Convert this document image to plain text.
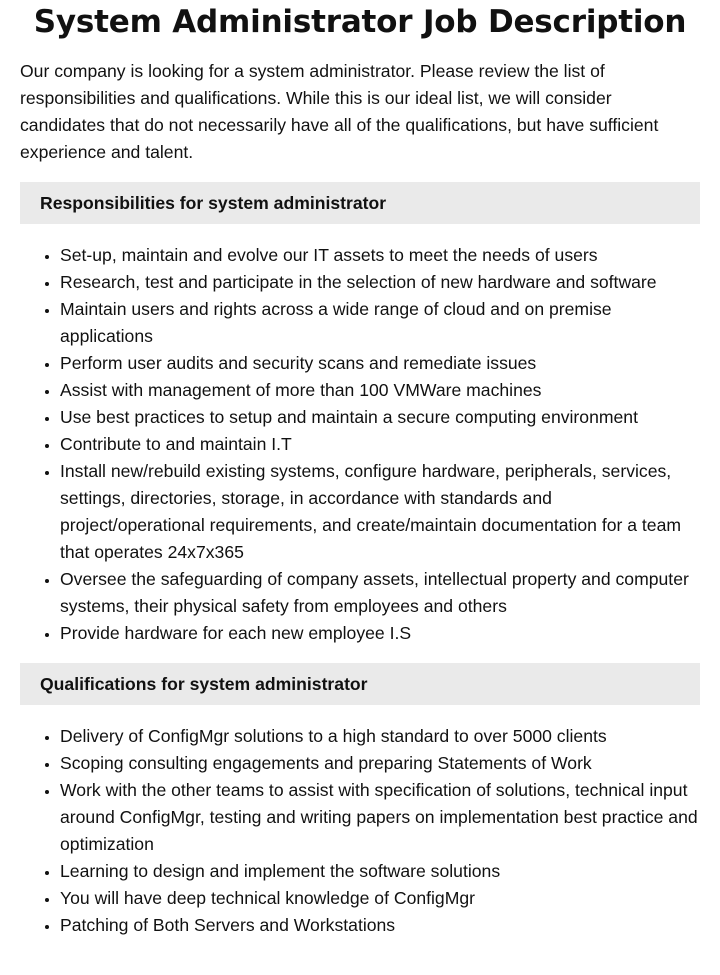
System Administrator Job Description

Our company is looking for a system administrator. Please review the list of responsibilities and qualifications. While this is our ideal list, we will consider candidates that do not necessarily have all of the qualifications, but have sufficient experience and talent.

Responsibilities for system administrator
• Set-up, maintain and evolve our IT assets to meet the needs of users
• Research, test and participate in the selection of new hardware and software
• Maintain users and rights across a wide range of cloud and on premise applications
• Perform user audits and security scans and remediate issues
• Assist with management of more than 100 VMWare machines
• Use best practices to setup and maintain a secure computing environment
• Contribute to and maintain I.T
• Install new/rebuild existing systems, configure hardware, peripherals, services, settings, directories, storage, in accordance with standards and project/operational requirements, and create/maintain documentation for a team that operates 24x7x365
• Oversee the safeguarding of company assets, intellectual property and computer systems, their physical safety from employees and others
• Provide hardware for each new employee I.S
Qualifications for system administrator
• Delivery of ConfigMgr solutions to a high standard to over 5000 clients
• Scoping consulting engagements and preparing Statements of Work
• Work with the other teams to assist with specification of solutions, technical input around ConfigMgr, testing and writing papers on implementation best practice and optimization
• Learning to design and implement the software solutions
• You will have deep technical knowledge of ConfigMgr
• Patching of Both Servers and Workstations
